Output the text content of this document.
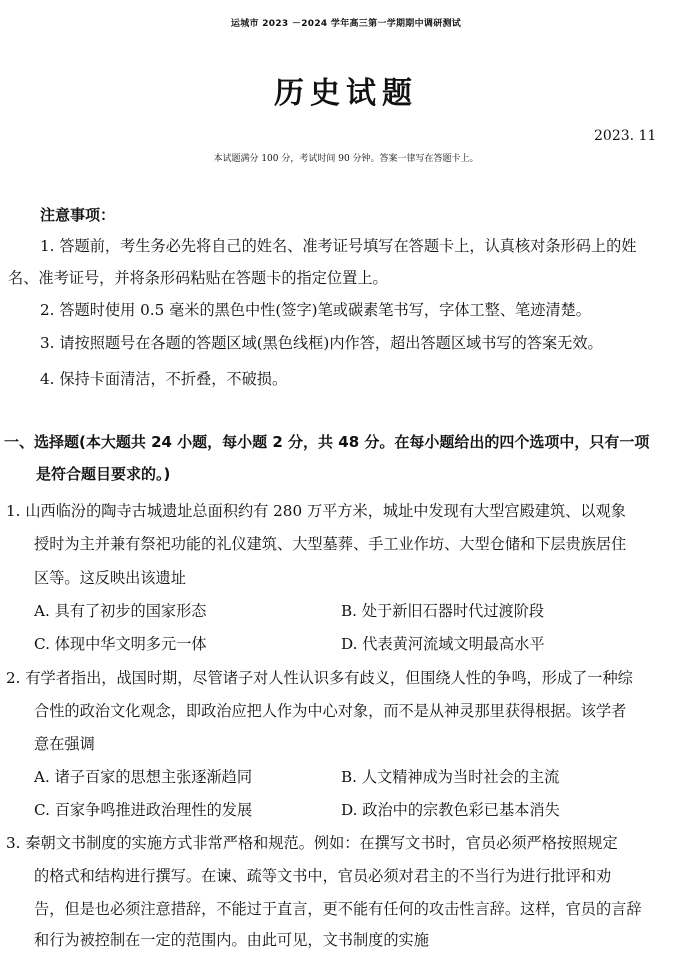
运城市 2023 －2024 学年高三第一学期期中调研测试
历史试题
2023. 11
本试题满分 100 分，考试时间 90 分钟。答案一律写在答题卡上。
注意事项：
1. 答题前，考生务必先将自己的姓名、准考证号填写在答题卡上，认真核对条形码上的姓
名、准考证号，并将条形码粘贴在答题卡的指定位置上。
2. 答题时使用 0.5 毫米的黑色中性(签字)笔或碳素笔书写，字体工整、笔迹清楚。
3. 请按照题号在各题的答题区域(黑色线框)内作答，超出答题区域书写的答案无效。
4. 保持卡面清洁，不折叠，不破损。
一、选择题(本大题共 24 小题，每小题 2 分，共 48 分。在每小题给出的四个选项中，只有一项
是符合题目要求的。)
1. 山西临汾的陶寺古城遗址总面积约有 280 万平方米，城址中发现有大型宫殿建筑、以观象
授时为主并兼有祭祀功能的礼仪建筑、大型墓葬、手工业作坊、大型仓储和下层贵族居住
区等。这反映出该遗址
A. 具有了初步的国家形态	B. 处于新旧石器时代过渡阶段
C. 体现中华文明多元一体	D. 代表黄河流域文明最高水平
2. 有学者指出，战国时期，尽管诸子对人性认识多有歧义，但围绕人性的争鸣，形成了一种综
合性的政治文化观念，即政治应把人作为中心对象，而不是从神灵那里获得根据。该学者
意在强调
A. 诸子百家的思想主张逐渐趋同	B. 人文精神成为当时社会的主流
C. 百家争鸣推进政治理性的发展	D. 政治中的宗教色彩已基本消失
3. 秦朝文书制度的实施方式非常严格和规范。例如：在撰写文书时，官员必须严格按照规定
的格式和结构进行撰写。在谏、疏等文书中，官员必须对君主的不当行为进行批评和劝
告，但是也必须注意措辞，不能过于直言，更不能有任何的攻击性言辞。这样，官员的言辞
和行为被控制在一定的范围内。由此可见，文书制度的实施
